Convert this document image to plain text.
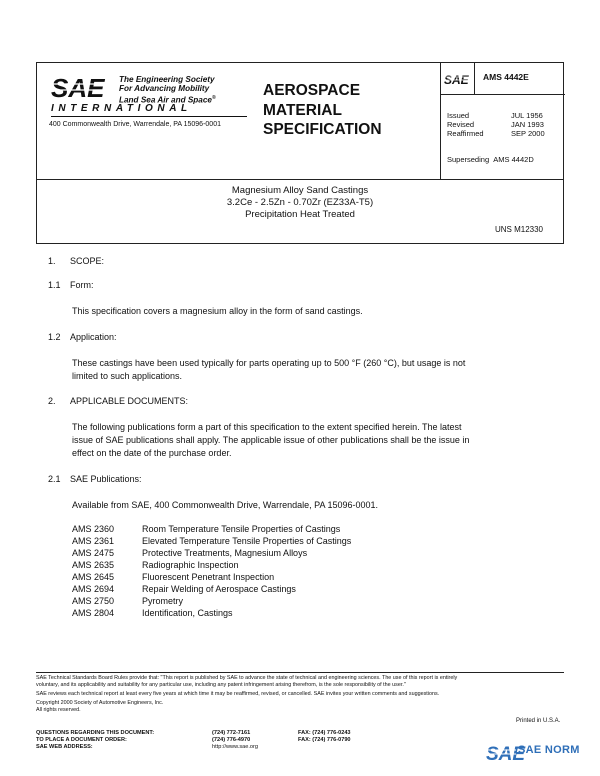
SAE The Engineering Society
For Advancing Mobility
Land Sea Air and Space®
INTERNATIONAL
400 Commonwealth Drive, Warrendale, PA 15096-0001
AEROSPACE
MATERIAL
SPECIFICATION
SAE AMS 4442E
Issued	JUL 1956
Revised	JAN 1993
Reaffirmed	SEP 2000
Superseding AMS 4442D
Magnesium Alloy Sand Castings
3.2Ce - 2.5Zn - 0.70Zr (EZ33A-T5)
Precipitation Heat Treated
UNS M12330
1. SCOPE:
1.1 Form:
This specification covers a magnesium alloy in the form of sand castings.
1.2 Application:
These castings have been used typically for parts operating up to 500 °F (260 °C), but usage is not
limited to such applications.
2. APPLICABLE DOCUMENTS:
The following publications form a part of this specification to the extent specified herein. The latest
issue of SAE publications shall apply. The applicable issue of other publications shall be the issue in
effect on the date of the purchase order.
2.1 SAE Publications:
Available from SAE, 400 Commonwealth Drive, Warrendale, PA 15096-0001.
AMS 2360	Room Temperature Tensile Properties of Castings
AMS 2361	Elevated Temperature Tensile Properties of Castings
AMS 2475	Protective Treatments, Magnesium Alloys
AMS 2635	Radiographic Inspection
AMS 2645	Fluorescent Penetrant Inspection
AMS 2694	Repair Welding of Aerospace Castings
AMS 2750	Pyrometry
AMS 2804	Identification, Castings
SAE Technical Standards Board Rules provide that: "This report is published by SAE to advance the state of technical and engineering sciences. The use of this report is entirely
voluntary, and its applicability and suitability for any particular use, including any patent infringement arising therefrom, is the sole responsibility of the user."
SAE reviews each technical report at least every five years at which time it may be reaffirmed, revised, or cancelled. SAE invites your written comments and suggestions.
Copyright 2000 Society of Automotive Engineers, Inc.
All rights reserved.
Printed in U.S.A.
QUESTIONS REGARDING THIS DOCUMENT:	(724) 772-7161	FAX: (724) 776-0243
TO PLACE A DOCUMENT ORDER:	(724) 776-4970	FAX: (724) 776-0790
SAE WEB ADDRESS:	http://www.sae.org	SAE
SAE NORM
